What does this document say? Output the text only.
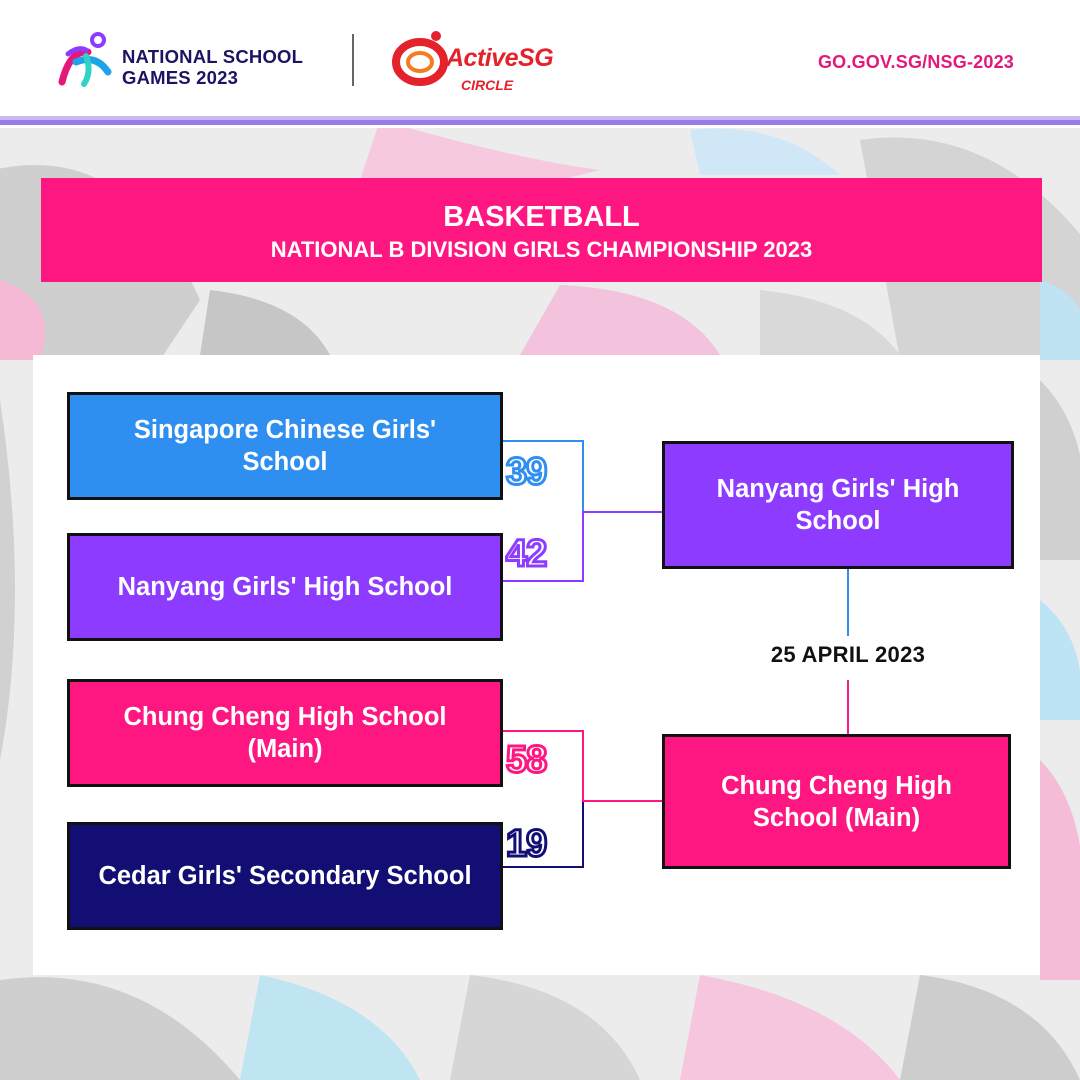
NATIONAL SCHOOL
GAMES 2023
ActiveSG
CIRCLE
GO.GOV.SG/NSG-2023
BASKETBALL
NATIONAL B DIVISION GIRLS CHAMPIONSHIP 2023
Singapore Chinese Girls' School
Nanyang Girls' High School
Chung Cheng High School (Main)
Cedar Girls' Secondary School
39
42
58
19
Nanyang Girls' High School
Chung Cheng High School (Main)
25 APRIL 2023
